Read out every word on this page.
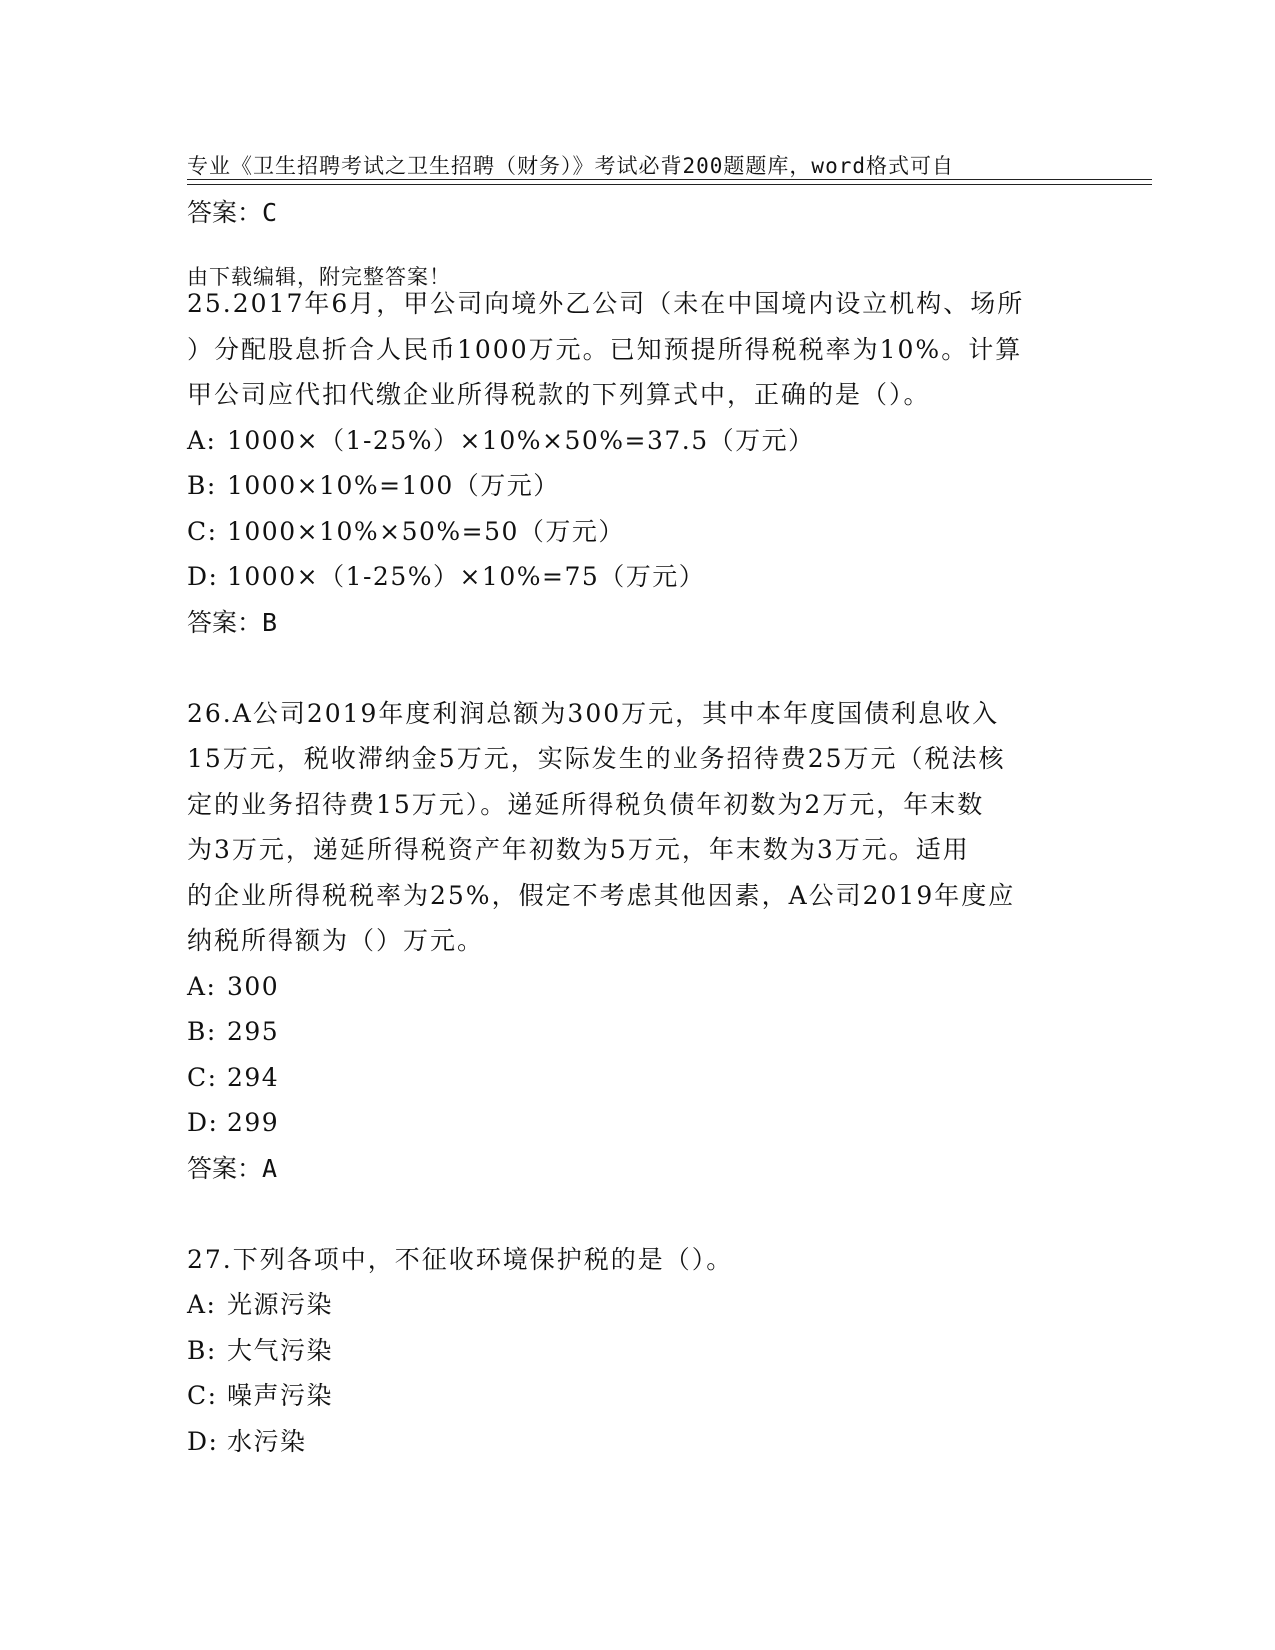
专业《卫生招聘考试之卫生招聘（财务）》考试必背200题题库，word格式可自

由下载编辑，附完整答案！

答案：C
25.2017年6月，甲公司向境外乙公司（未在中国境内设立机构、场所
）分配股息折合人民币1000万元。已知预提所得税税率为10%。计算
甲公司应代扣代缴企业所得税款的下列算式中，正确的是（）。
A: 1000×（1-25%）×10%×50%=37.5（万元）
B: 1000×10%=100（万元）
C: 1000×10%×50%=50（万元）
D: 1000×（1-25%）×10%=75（万元）
答案：B
26.A公司2019年度利润总额为300万元，其中本年度国债利息收入
15万元，税收滞纳金5万元，实际发生的业务招待费25万元（税法核
定的业务招待费15万元）。递延所得税负债年初数为2万元，年末数
为3万元，递延所得税资产年初数为5万元，年末数为3万元。适用
的企业所得税税率为25%，假定不考虑其他因素，A公司2019年度应
纳税所得额为（）万元。
A: 300
B: 295
C: 294
D: 299
答案：A
27.下列各项中，不征收环境保护税的是（）。
A: 光源污染
B: 大气污染
C: 噪声污染
D: 水污染
